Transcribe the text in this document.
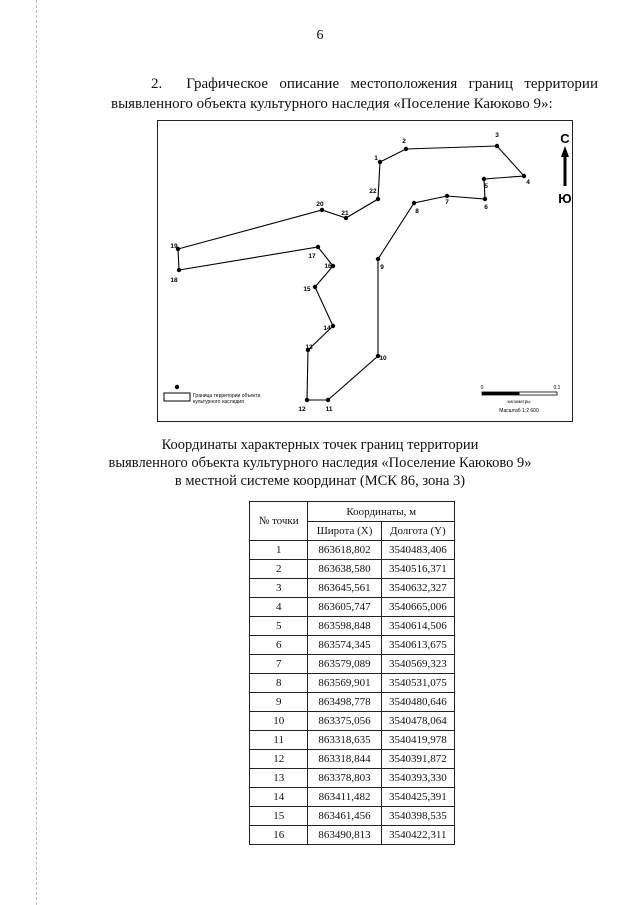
6
2. Графическое описание местоположения границ территории
выявленного объекта культурного наследия «Поселение Каюково 9»:
1
2
3
4
5
6
7
8
9
10
11
12
13
14
15
16
17
18
19
20
21
22
С
Ю
Граница территории объекта
культурного наследия
0	0.1
километры
Масштаб 1:2 600
Координаты характерных точек границ территории
выявленного объекта культурного наследия «Поселение Каюково 9»
в местной системе координат (МСК 86, зона 3)
№ точки	Координаты, м	
	Широта (X)	Долгота (Y)
1	863618,802	3540483,406
2	863638,580	3540516,371
3	863645,561	3540632,327
4	863605,747	3540665,006
5	863598,848	3540614,506
6	863574,345	3540613,675
7	863579,089	3540569,323
8	863569,901	3540531,075
9	863498,778	3540480,646
10	863375,056	3540478,064
11	863318,635	3540419,978
12	863318,844	3540391,872
13	863378,803	3540393,330
14	863411,482	3540425,391
15	863461,456	3540398,535
16	863490,813	3540422,311
